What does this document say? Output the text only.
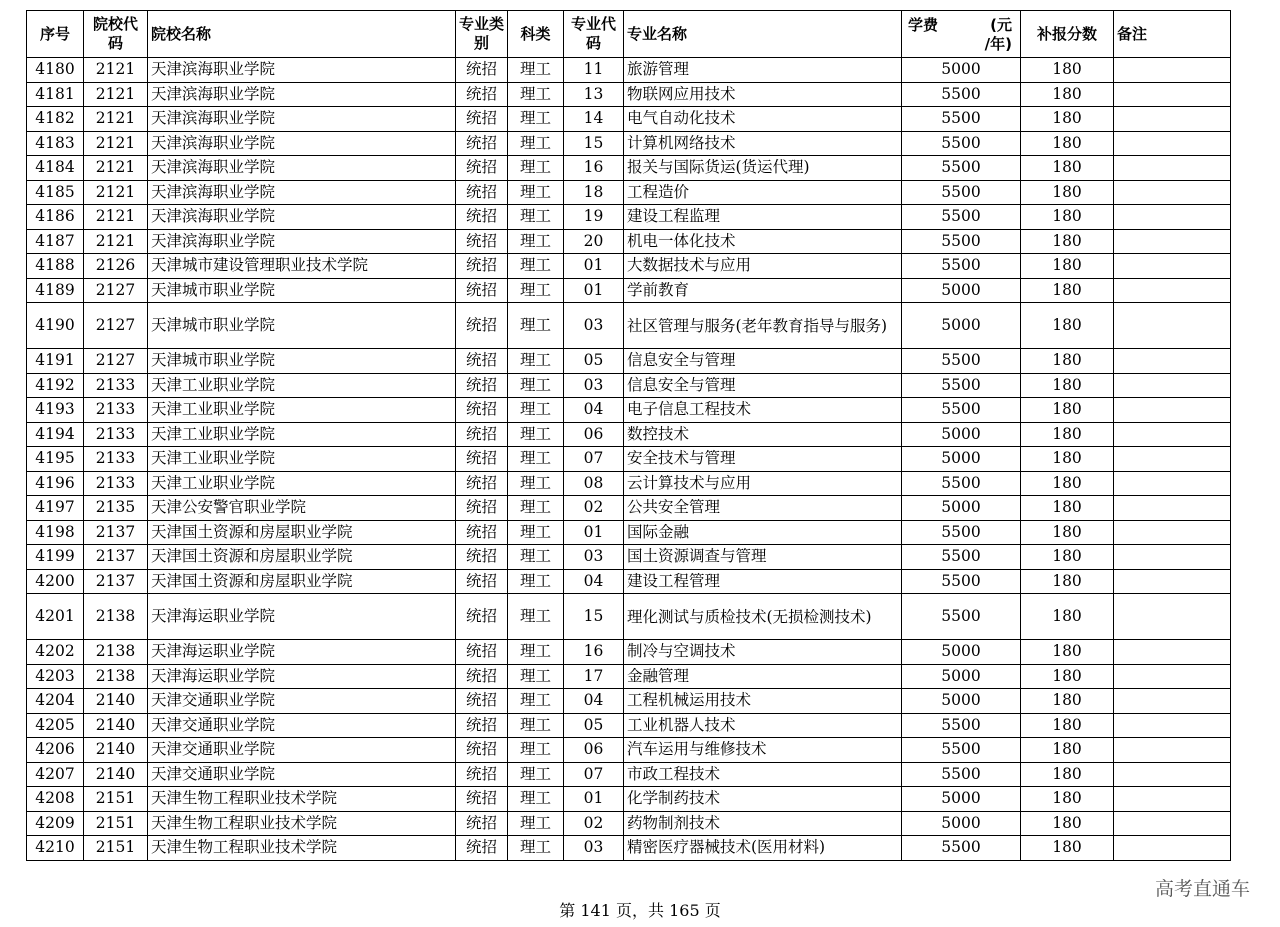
序号	院校代码	院校名称	专业类别	科类	专业代码	专业名称	学费 (元
/年)	补报分数	备注
4180	2121	天津滨海职业学院	统招	理工	11	旅游管理	5000	180	
4181	2121	天津滨海职业学院	统招	理工	13	物联网应用技术	5500	180	
4182	2121	天津滨海职业学院	统招	理工	14	电气自动化技术	5500	180	
4183	2121	天津滨海职业学院	统招	理工	15	计算机网络技术	5500	180	
4184	2121	天津滨海职业学院	统招	理工	16	报关与国际货运(货运代理)	5500	180	
4185	2121	天津滨海职业学院	统招	理工	18	工程造价	5500	180	
4186	2121	天津滨海职业学院	统招	理工	19	建设工程监理	5500	180	
4187	2121	天津滨海职业学院	统招	理工	20	机电一体化技术	5500	180	
4188	2126	天津城市建设管理职业技术学院	统招	理工	01	大数据技术与应用	5500	180	
4189	2127	天津城市职业学院	统招	理工	01	学前教育	5000	180	
4190	2127	天津城市职业学院	统招	理工	03	社区管理与服务(老年教育指导与服务)	5000	180	
4191	2127	天津城市职业学院	统招	理工	05	信息安全与管理	5500	180	
4192	2133	天津工业职业学院	统招	理工	03	信息安全与管理	5500	180	
4193	2133	天津工业职业学院	统招	理工	04	电子信息工程技术	5500	180	
4194	2133	天津工业职业学院	统招	理工	06	数控技术	5000	180	
4195	2133	天津工业职业学院	统招	理工	07	安全技术与管理	5000	180	
4196	2133	天津工业职业学院	统招	理工	08	云计算技术与应用	5500	180	
4197	2135	天津公安警官职业学院	统招	理工	02	公共安全管理	5000	180	
4198	2137	天津国土资源和房屋职业学院	统招	理工	01	国际金融	5500	180	
4199	2137	天津国土资源和房屋职业学院	统招	理工	03	国土资源调查与管理	5500	180	
4200	2137	天津国土资源和房屋职业学院	统招	理工	04	建设工程管理	5500	180	
4201	2138	天津海运职业学院	统招	理工	15	理化测试与质检技术(无损检测技术)	5500	180	
4202	2138	天津海运职业学院	统招	理工	16	制冷与空调技术	5000	180	
4203	2138	天津海运职业学院	统招	理工	17	金融管理	5000	180	
4204	2140	天津交通职业学院	统招	理工	04	工程机械运用技术	5000	180	
4205	2140	天津交通职业学院	统招	理工	05	工业机器人技术	5500	180	
4206	2140	天津交通职业学院	统招	理工	06	汽车运用与维修技术	5500	180	
4207	2140	天津交通职业学院	统招	理工	07	市政工程技术	5500	180	
4208	2151	天津生物工程职业技术学院	统招	理工	01	化学制药技术	5000	180	
4209	2151	天津生物工程职业技术学院	统招	理工	02	药物制剂技术	5000	180	
4210	2151	天津生物工程职业技术学院	统招	理工	03	精密医疗器械技术(医用材料)	5500	180	
高考直通车
第 141 页，共 165 页
